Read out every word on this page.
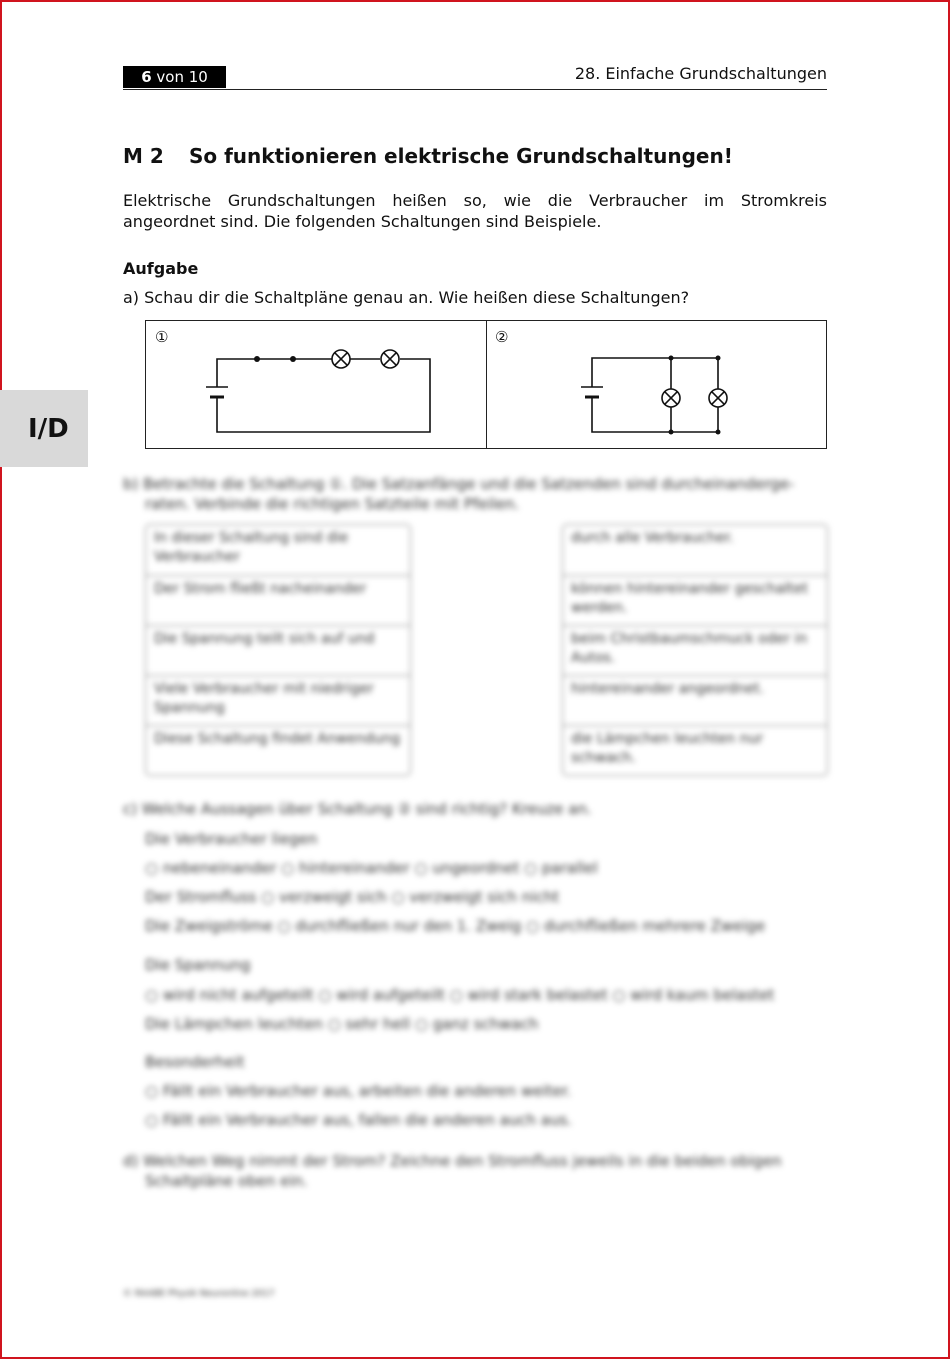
6 von 10	28. Einfache Grundschaltungen
I/D
M 2 So funktionieren elektrische Grundschaltungen!
Elektrische Grundschaltungen heißen so, wie die Verbraucher im Stromkreis angeordnet sind. Die folgenden Schaltungen sind Beispiele.
Aufgabe
a) Schau dir die Schaltpläne genau an. Wie heißen diese Schaltungen?
①	②
b) Betrachte die Schaltung ①. Die Satzanfänge und die Satzenden sind durcheinanderge-
raten. Verbinde die richtigen Satzteile mit Pfeilen.
In dieser Schaltung sind die Verbraucher
Der Strom fließt nacheinander
Die Spannung teilt sich auf und
Viele Verbraucher mit niedriger Spannung
Diese Schaltung findet Anwendung
durch alle Verbraucher.
können hintereinander geschaltet werden.
beim Christbaumschmuck oder in Autos.
hintereinander angeordnet.
die Lämpchen leuchten nur schwach.
c) Welche Aussagen über Schaltung ② sind richtig? Kreuze an.
Die Verbraucher liegen
○ nebeneinander ○ hintereinander ○ ungeordnet ○ parallel
Der Stromfluss ○ verzweigt sich ○ verzweigt sich nicht
Die Zweigströme ○ durchfließen nur den 1. Zweig ○ durchfließen mehrere Zweige
Die Spannung
○ wird nicht aufgeteilt ○ wird aufgeteilt ○ wird stark belastet ○ wird kaum belastet
Die Lämpchen leuchten ○ sehr hell ○ ganz schwach
Besonderheit
○ Fällt ein Verbraucher aus, arbeiten die anderen weiter.
○ Fällt ein Verbraucher aus, fallen die anderen auch aus.
d) Welchen Weg nimmt der Strom? Zeichne den Stromfluss jeweils in die beiden obigen
Schaltpläne oben ein.
© RAABE Physik Neuronline 2017
